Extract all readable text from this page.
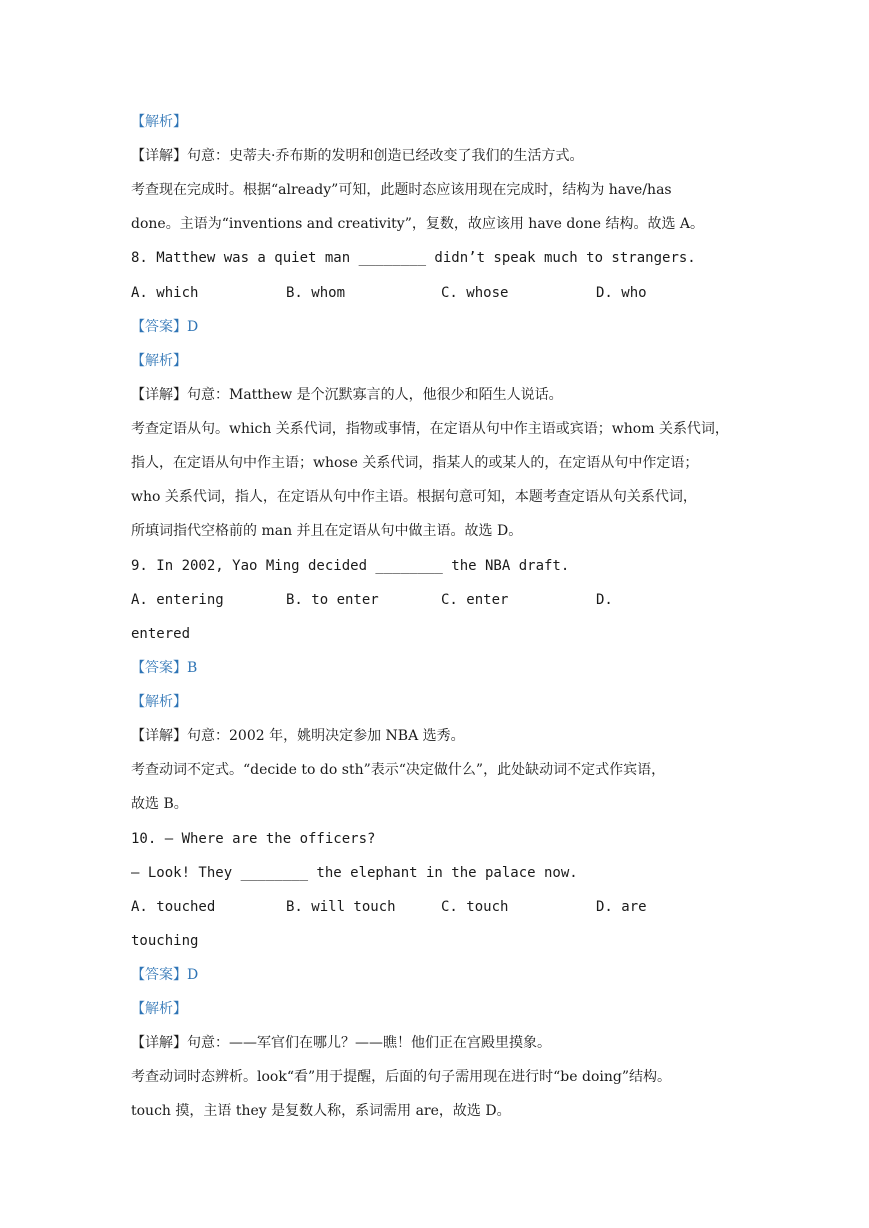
【解析】
【详解】句意：史蒂夫·乔布斯的发明和创造已经改变了我们的生活方式。
考查现在完成时。根据“already”可知，此题时态应该用现在完成时，结构为 have/has
done。主语为“inventions and creativity”，复数，故应该用 have done 结构。故选 A。
8. Matthew was a quiet man ________ didn’t speak much to strangers.
A. which	B. whom	C. whose	D. who
【答案】D
【解析】
【详解】句意：Matthew 是个沉默寡言的人，他很少和陌生人说话。
考查定语从句。which 关系代词，指物或事情，在定语从句中作主语或宾语；whom 关系代词，
指人，在定语从句中作主语；whose 关系代词，指某人的或某人的，在定语从句中作定语；
who 关系代词，指人，在定语从句中作主语。根据句意可知，本题考查定语从句关系代词，
所填词指代空格前的 man 并且在定语从句中做主语。故选 D。
9. In 2002, Yao Ming decided ________ the NBA draft.
A. entering	B. to enter	C. enter	D.
entered
【答案】B
【解析】
【详解】句意：2002 年，姚明决定参加 NBA 选秀。
考查动词不定式。“decide to do sth”表示“决定做什么”，此处缺动词不定式作宾语，
故选 B。
10. — Where are the officers?
— Look! They ________ the elephant in the palace now.
A. touched	B. will touch	C. touch	D. are
touching
【答案】D
【解析】
【详解】句意：——军官们在哪儿？——瞧！他们正在宫殿里摸象。
考查动词时态辨析。look“看”用于提醒，后面的句子需用现在进行时“be doing”结构。
touch 摸，主语 they 是复数人称，系词需用 are，故选 D。
